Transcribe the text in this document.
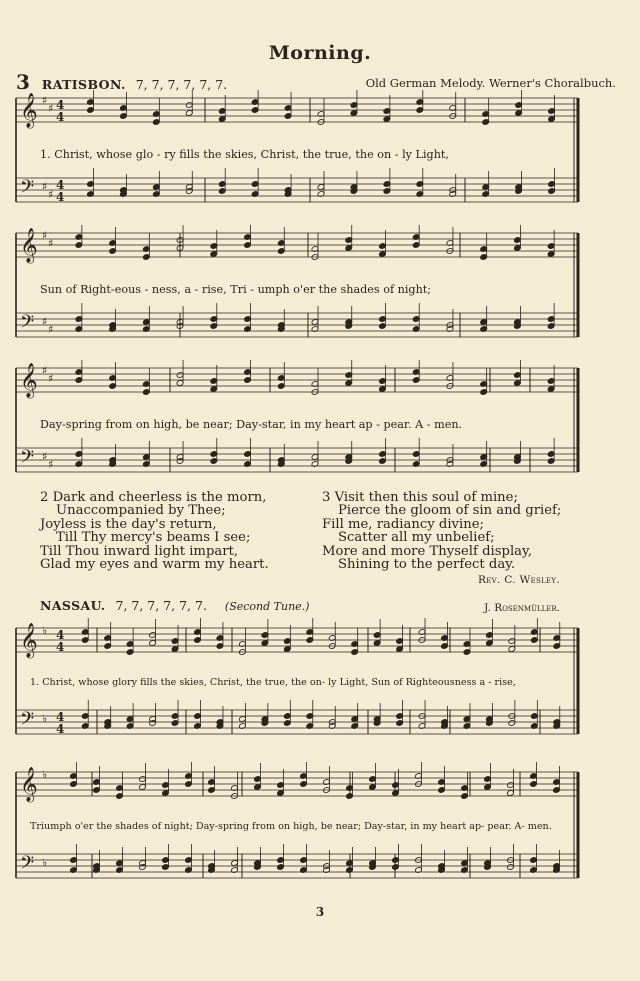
Morning.
3 RATISBON. 7, 7, 7, 7, 7, 7.	Old German Melody. Werner's Choralbuch.
𝄞
𝄢
♯
♯
♯
♯
4
4
4
4
1. Christ, whose glo - ry fills the skies, Christ, the true, the on - ly Light,
𝄞
𝄢
♯
♯
♯
♯
Sun of Right-eous - ness, a - rise, Tri - umph o'er the shades of night;
𝄞
𝄢
♯
♯
♯
♯
Day-spring from on high, be near; Day-star, in my heart ap - pear. A - men.
2 Dark and cheerless is the morn,
Unaccompanied by Thee;
Joyless is the day's return,
Till Thy mercy's beams I see;
Till Thou inward light impart,
Glad my eyes and warm my heart.
3 Visit then this soul of mine;
Pierce the gloom of sin and grief;
Fill me, radiancy divine;
Scatter all my unbelief;
More and more Thyself display,
Shining to the perfect day.
Rev. C. Wesley.
NASSAU. 7, 7, 7, 7, 7, 7. (Second Tune.)	J. Rosenmüller.
𝄞
𝄢
♭
♭
4
4
4
4
1. Christ, whose glory fills the skies, Christ, the true, the on- ly Light, Sun of Righteousness a - rise,
𝄞
𝄢
♭
♭
Triumph o'er the shades of night; Day-spring from on high, be near; Day-star, in my heart ap- pear. A- men.
3
